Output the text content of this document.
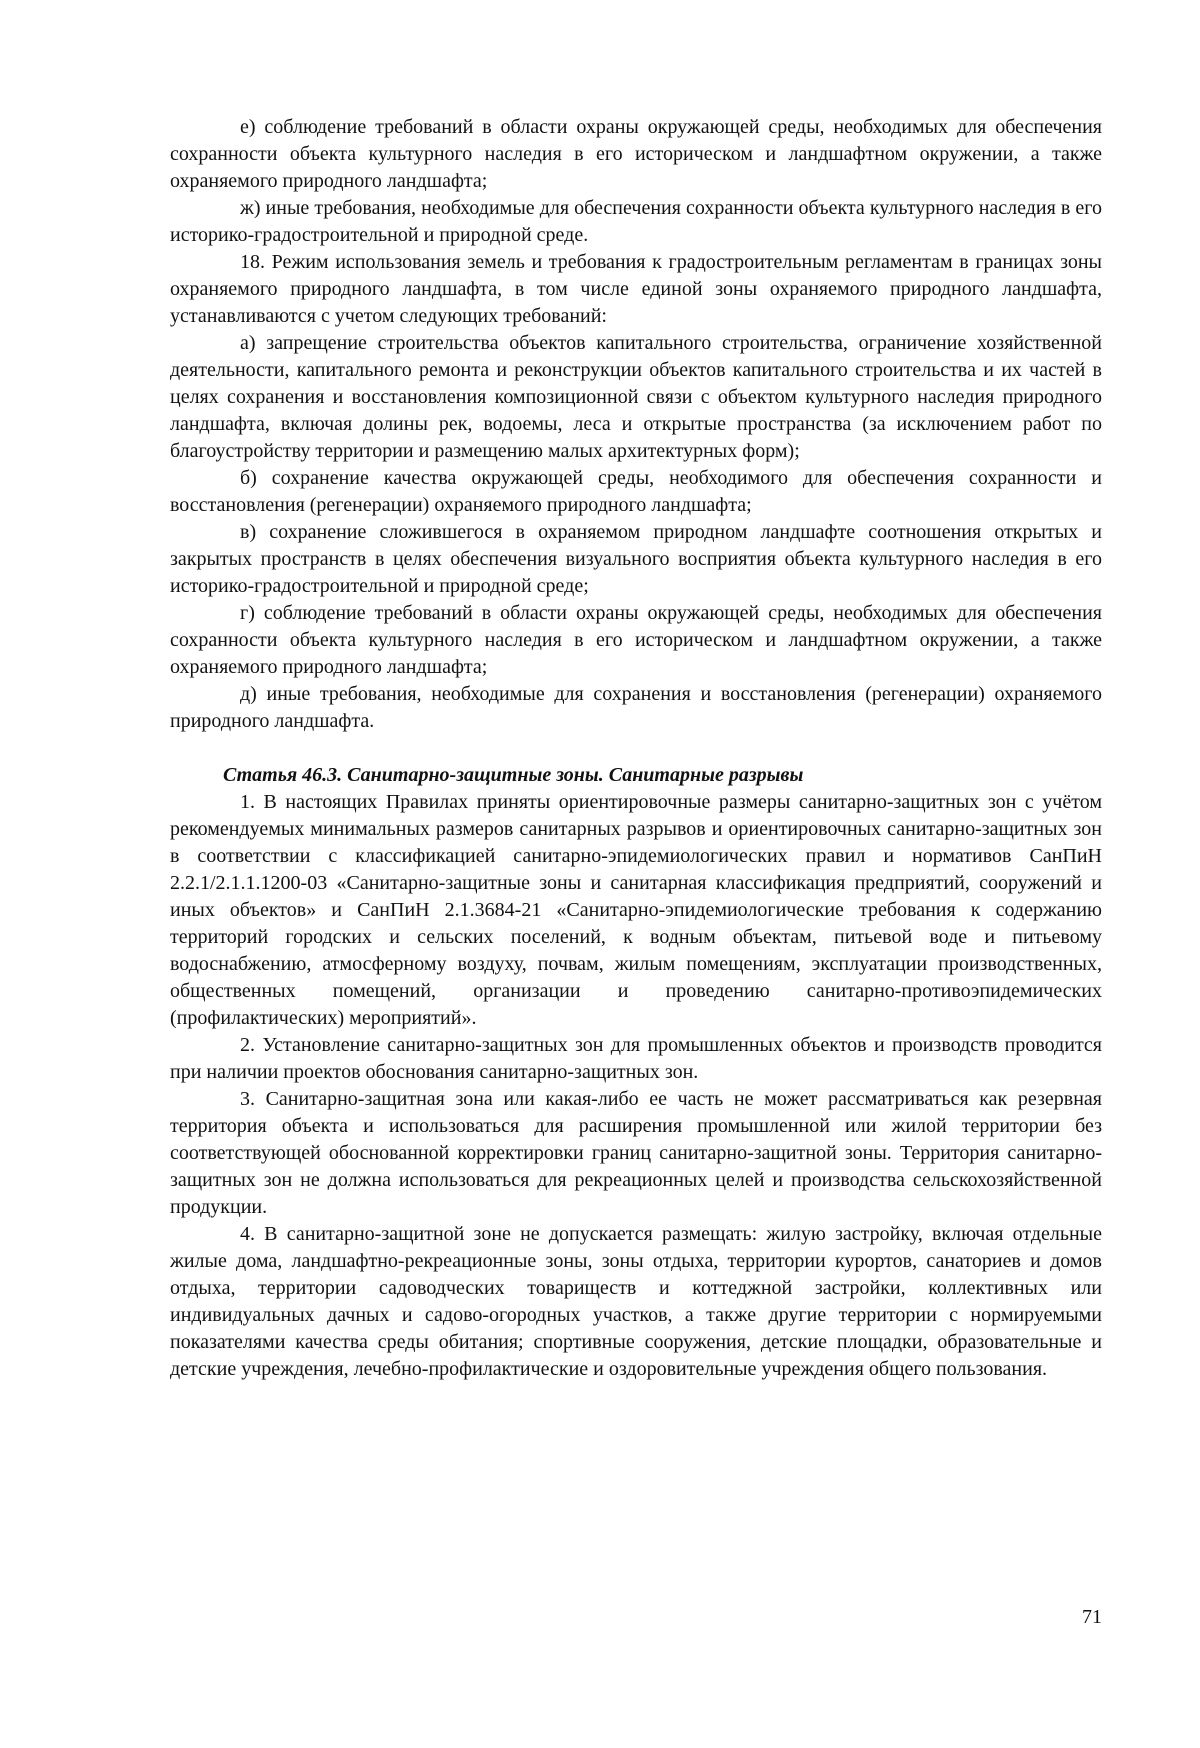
е) соблюдение требований в области охраны окружающей среды, необходимых для обеспечения сохранности объекта культурного наследия в его историческом и ландшафтном окружении, а также охраняемого природного ландшафта;

ж) иные требования, необходимые для обеспечения сохранности объекта культурного наследия в его историко-градостроительной и природной среде.

18. Режим использования земель и требования к градостроительным регламентам в границах зоны охраняемого природного ландшафта, в том числе единой зоны охраняемого природного ландшафта, устанавливаются с учетом следующих требований:

а) запрещение строительства объектов капитального строительства, ограничение хозяйственной деятельности, капитального ремонта и реконструкции объектов капитального строительства и их частей в целях сохранения и восстановления композиционной связи с объектом культурного наследия природного ландшафта, включая долины рек, водоемы, леса и открытые пространства (за исключением работ по благоустройству территории и размещению малых архитектурных форм);

б) сохранение качества окружающей среды, необходимого для обеспечения сохранности и восстановления (регенерации) охраняемого природного ландшафта;

в) сохранение сложившегося в охраняемом природном ландшафте соотношения открытых и закрытых пространств в целях обеспечения визуального восприятия объекта культурного наследия в его историко-градостроительной и природной среде;

г) соблюдение требований в области охраны окружающей среды, необходимых для обеспечения сохранности объекта культурного наследия в его историческом и ландшафтном окружении, а также охраняемого природного ландшафта;

д) иные требования, необходимые для сохранения и восстановления (регенерации) охраняемого природного ландшафта.

Статья 46.3. Санитарно-защитные зоны. Санитарные разрывы

1. В настоящих Правилах приняты ориентировочные размеры санитарно-защитных зон с учётом рекомендуемых минимальных размеров санитарных разрывов и ориентировочных санитарно-защитных зон в соответствии с классификацией санитарно-эпидемиологических правил и нормативов СанПиН 2.2.1/2.1.1.1200-03 «Санитарно-защитные зоны и санитарная классификация предприятий, сооружений и иных объектов» и СанПиН 2.1.3684-21 «Санитарно-эпидемиологические требования к содержанию территорий городских и сельских поселений, к водным объектам, питьевой воде и питьевому водоснабжению, атмосферному воздуху, почвам, жилым помещениям, эксплуатации производственных, общественных помещений, организации и проведению санитарно-противоэпидемических (профилактических) мероприятий».

2. Установление санитарно-защитных зон для промышленных объектов и производств проводится при наличии проектов обоснования санитарно-защитных зон.

3. Санитарно-защитная зона или какая-либо ее часть не может рассматриваться как резервная территория объекта и использоваться для расширения промышленной или жилой территории без соответствующей обоснованной корректировки границ санитарно-защитной зоны. Территория санитарно-защитных зон не должна использоваться для рекреационных целей и производства сельскохозяйственной продукции.

4. В санитарно-защитной зоне не допускается размещать: жилую застройку, включая отдельные жилые дома, ландшафтно-рекреационные зоны, зоны отдыха, территории курортов, санаториев и домов отдыха, территории садоводческих товариществ и коттеджной застройки, коллективных или индивидуальных дачных и садово-огородных участков, а также другие территории с нормируемыми показателями качества среды обитания; спортивные сооружения, детские площадки, образовательные и детские учреждения, лечебно-профилактические и оздоровительные учреждения общего пользования.

71
